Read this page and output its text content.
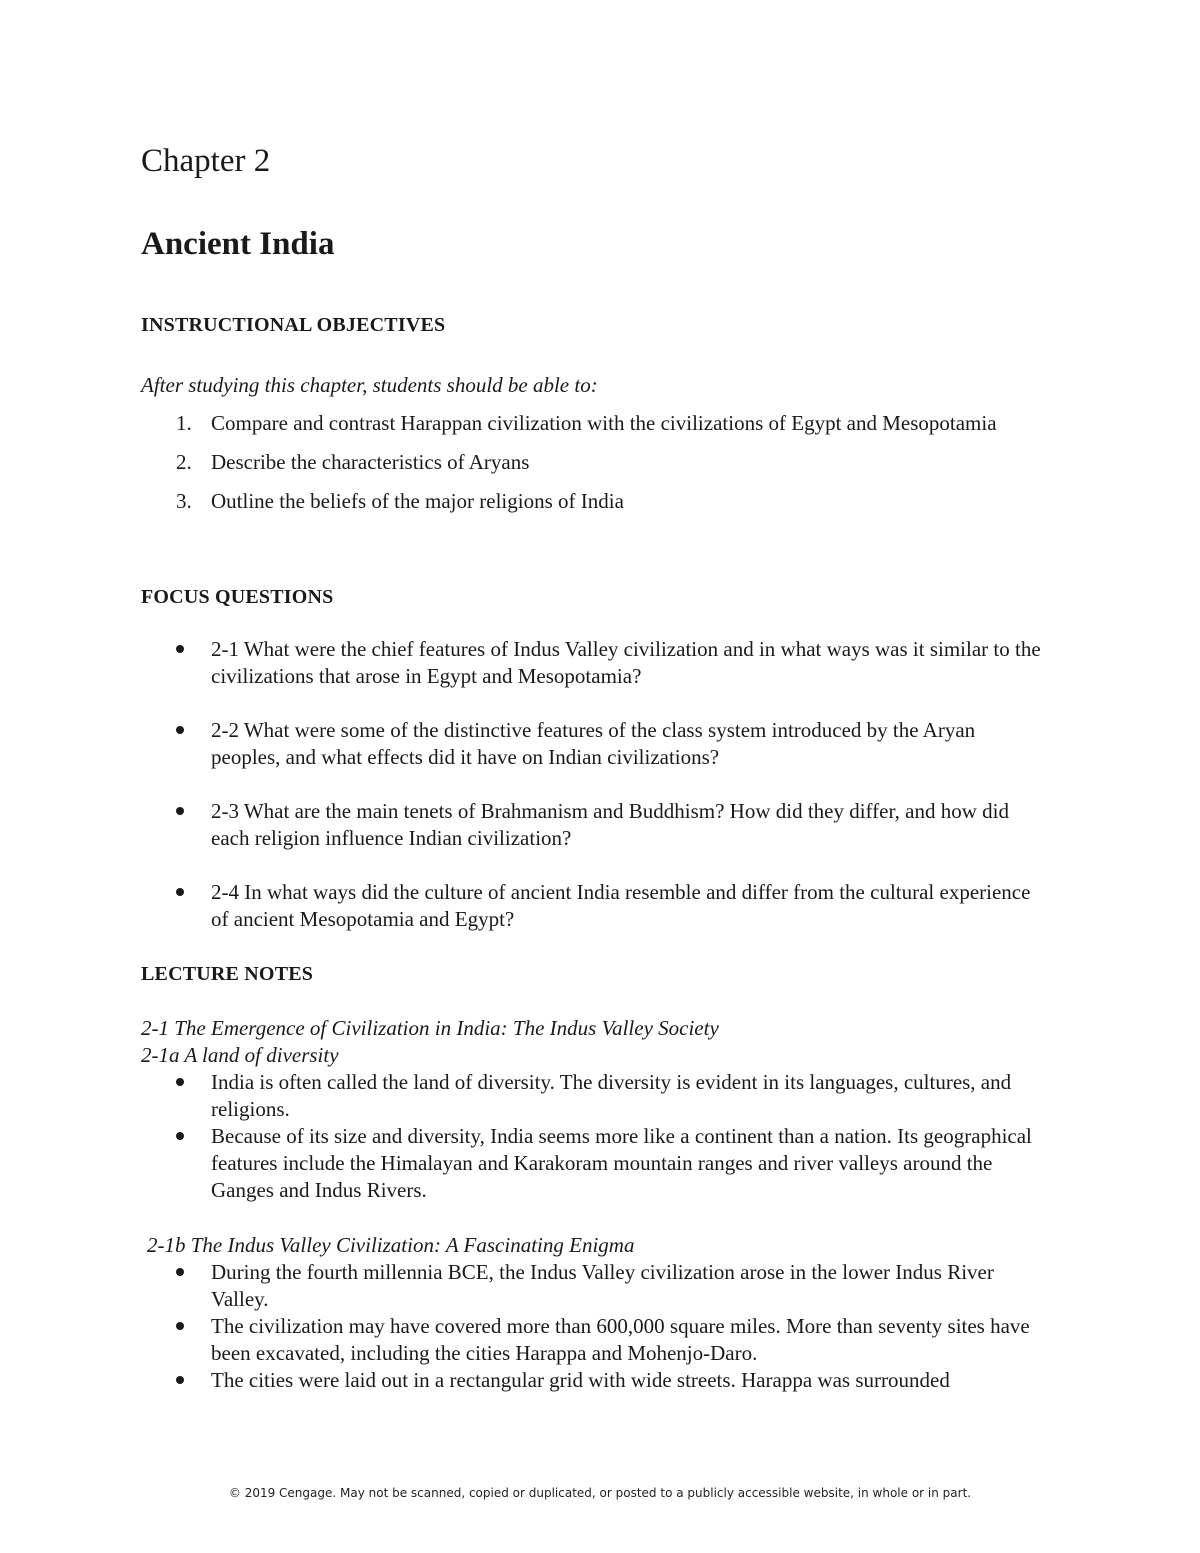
Chapter 2
Ancient India
INSTRUCTIONAL OBJECTIVES
After studying this chapter, students should be able to:
1. Compare and contrast Harappan civilization with the civilizations of Egypt and Mesopotamia
2. Describe the characteristics of Aryans
3. Outline the beliefs of the major religions of India
FOCUS QUESTIONS
2-1 What were the chief features of Indus Valley civilization and in what ways was it similar to the civilizations that arose in Egypt and Mesopotamia?
2-2 What were some of the distinctive features of the class system introduced by the Aryan peoples, and what effects did it have on Indian civilizations?
2-3 What are the main tenets of Brahmanism and Buddhism? How did they differ, and how did each religion influence Indian civilization?
2-4 In what ways did the culture of ancient India resemble and differ from the cultural experience of ancient Mesopotamia and Egypt?
LECTURE NOTES
2-1 The Emergence of Civilization in India: The Indus Valley Society
2-1a A land of diversity
India is often called the land of diversity. The diversity is evident in its languages, cultures, and religions.
Because of its size and diversity, India seems more like a continent than a nation. Its geographical features include the Himalayan and Karakoram mountain ranges and river valleys around the Ganges and Indus Rivers.
2-1b The Indus Valley Civilization: A Fascinating Enigma
During the fourth millennia BCE, the Indus Valley civilization arose in the lower Indus River Valley.
The civilization may have covered more than 600,000 square miles. More than seventy sites have been excavated, including the cities Harappa and Mohenjo-Daro.
The cities were laid out in a rectangular grid with wide streets. Harappa was surrounded
© 2019 Cengage. May not be scanned, copied or duplicated, or posted to a publicly accessible website, in whole or in part.
